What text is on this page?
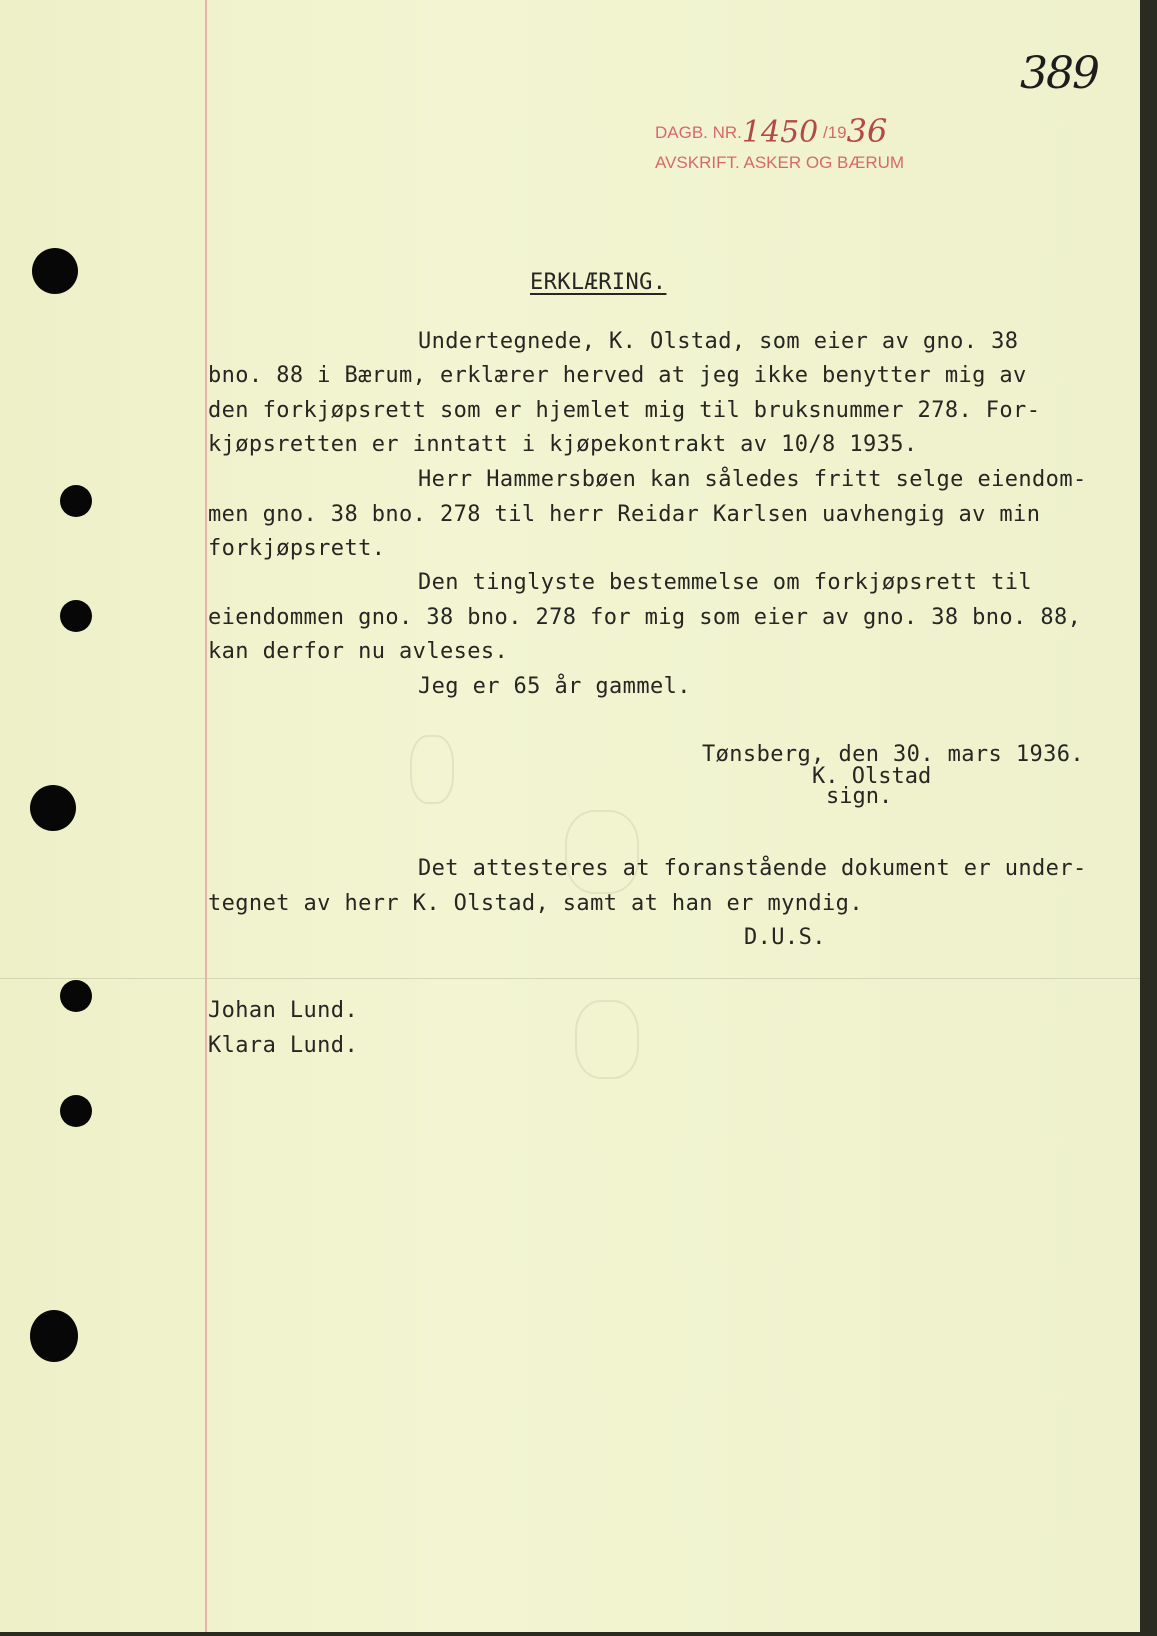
389
DAGB. NR.1450 /1936
AVSKRIFT. ASKER OG BÆRUM
ERKLÆRING.
Undertegnede, K. Olstad, som eier av gno. 38
bno. 88 i Bærum, erklærer herved at jeg ikke benytter mig av
den forkjøpsrett som er hjemlet mig til bruksnummer 278. For-
kjøpsretten er inntatt i kjøpekontrakt av 10/8 1935.
Herr Hammersbøen kan således fritt selge eiendom-
men gno. 38 bno. 278 til herr Reidar Karlsen uavhengig av min
forkjøpsrett.
Den tinglyste bestemmelse om forkjøpsrett til
eiendommen gno. 38 bno. 278 for mig som eier av gno. 38 bno. 88,
kan derfor nu avleses.
Jeg er 65 år gammel.
Tønsberg, den 30. mars 1936.
K. Olstad
sign.
Det attesteres at foranstående dokument er under-
tegnet av herr K. Olstad, samt at han er myndig.
D.U.S.
Johan Lund.
Klara Lund.
